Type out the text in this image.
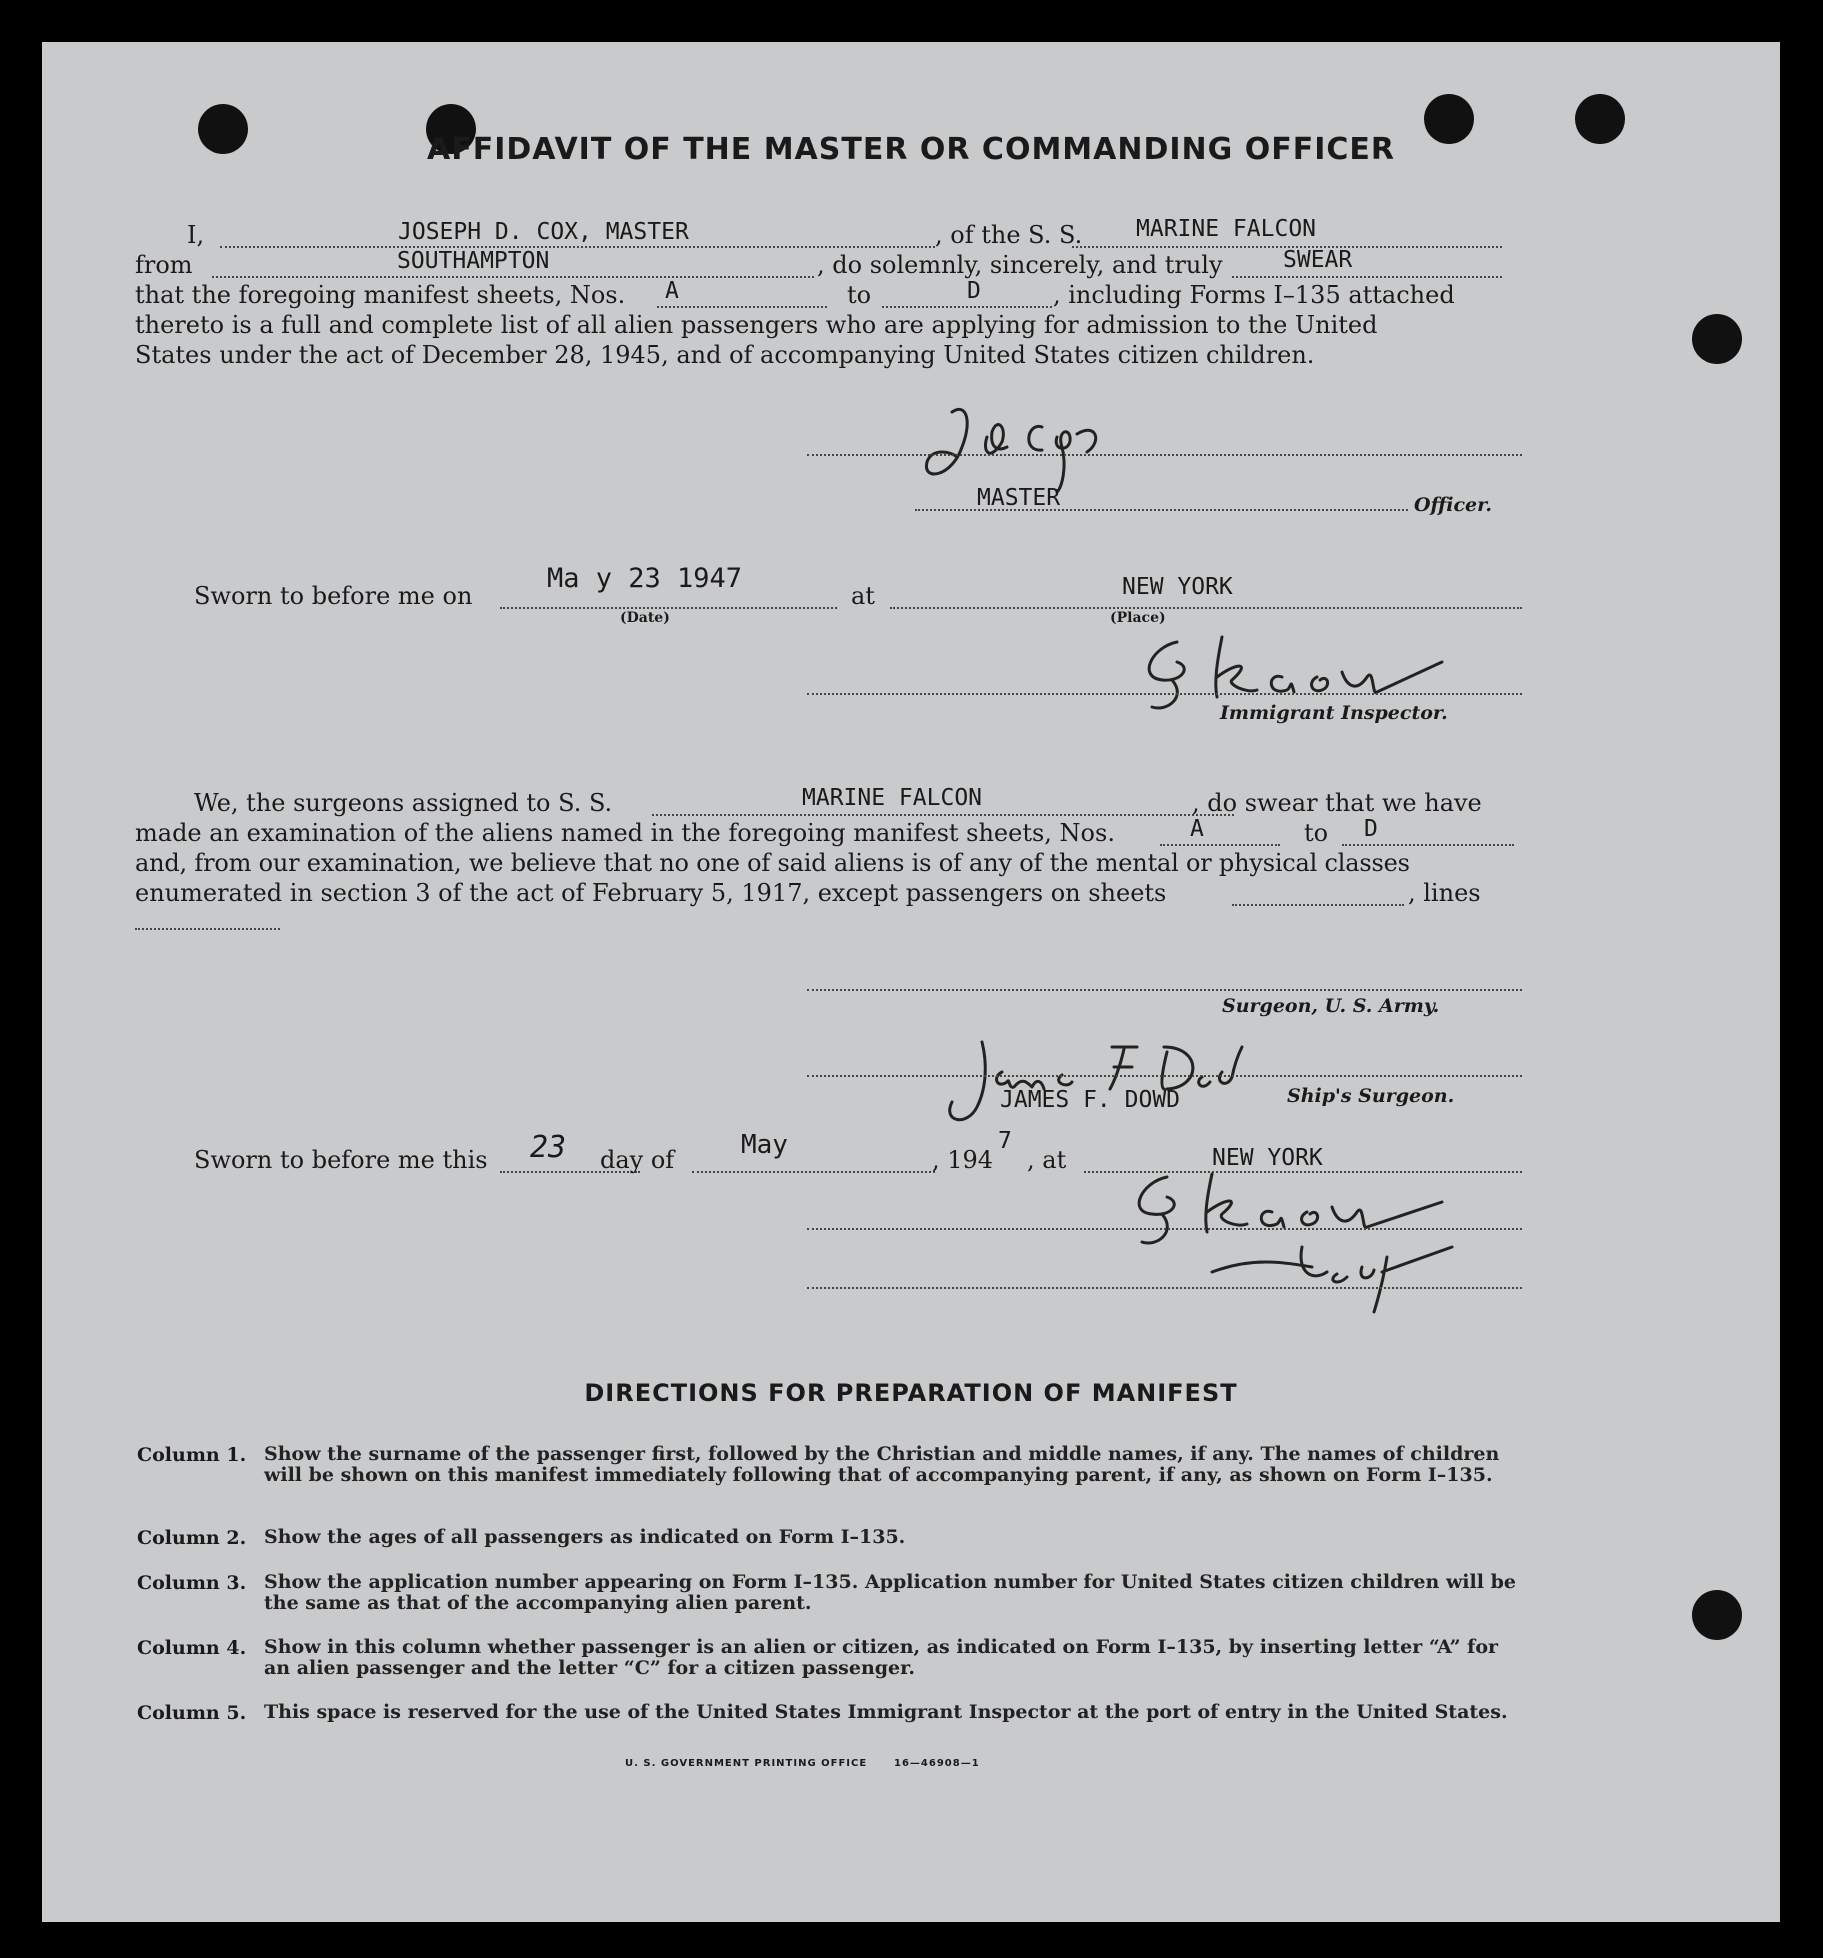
AFFIDAVIT OF THE MASTER OR COMMANDING OFFICER
I,	JOSEPH D. COX, MASTER	, of the S. S. MARINE FALCON
from	SOUTHAMPTON	, do solemnly, sincerely, and truly	SWEAR
that the foregoing manifest sheets, Nos. A	to	D	, including Forms I–135 attached
thereto is a full and complete list of all alien passengers who are applying for admission to the United
States under the act of December 28, 1945, and of accompanying United States citizen children.
MASTER	Officer.
Sworn to before me on
Ma y 23 1947
(Date)
at	NEW YORK
(Place)
Immigrant Inspector.
We, the surgeons assigned to S. S.	MARINE FALCON	, do swear that we have
made an examination of the aliens named in the foregoing manifest sheets, Nos.	A	to D
and, from our examination, we believe that no one of said aliens is of any of the mental or physical classes
enumerated in section 3 of the act of February 5, 1917, except passengers on sheets	, lines
Surgeon, U. S. Army.
JAMES F. DOWD	Ship's Surgeon.
Sworn to before me this 23 day of	May	, 194
7
, at	NEW YORK
DIRECTIONS FOR PREPARATION OF MANIFEST
Column 1. Show the surname of the passenger first, followed by the Christian and middle names, if any. The names of children will be shown on this manifest immediately following that of accompanying parent, if any, as shown on Form I–135.
Column 2. Show the ages of all passengers as indicated on Form I–135.
Column 3. Show the application number appearing on Form I–135. Application number for United States citizen children will be the same as that of the accompanying alien parent.
Column 4. Show in this column whether passenger is an alien or citizen, as indicated on Form I–135, by inserting letter “A” for an alien passenger and the letter “C” for a citizen passenger.
Column 5. This space is reserved for the use of the United States Immigrant Inspector at the port of entry in the United States.
U. S. GOVERNMENT PRINTING OFFICE	16—46908—1
